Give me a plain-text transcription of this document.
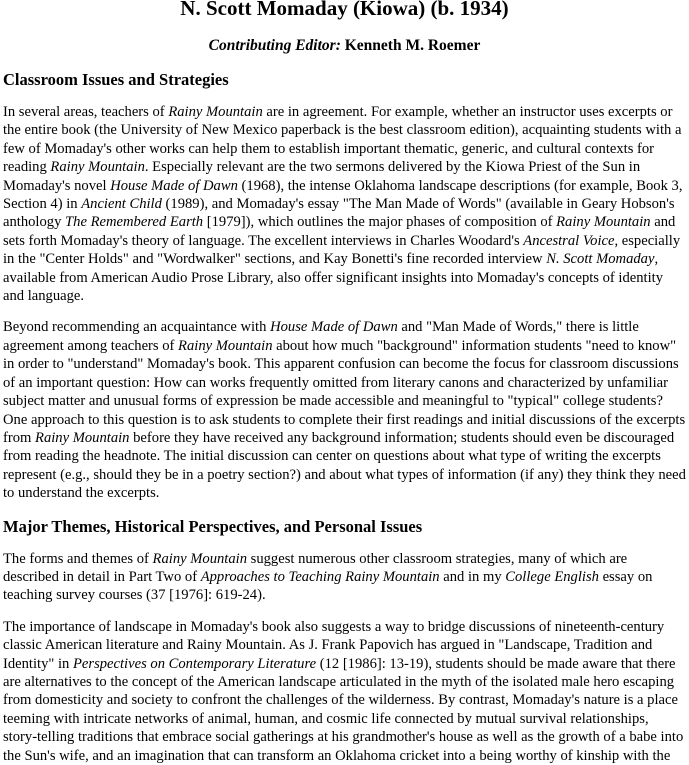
N. Scott Momaday (Kiowa) (b. 1934)
Contributing Editor: Kenneth M. Roemer
Classroom Issues and Strategies

In several areas, teachers of Rainy Mountain are in agreement. For example, whether an instructor uses excerpts or the entire book (the University of New Mexico paperback is the best classroom edition), acquainting students with a few of Momaday's other works can help them to establish important thematic, generic, and cultural contexts for reading Rainy Mountain. Especially relevant are the two sermons delivered by the Kiowa Priest of the Sun in Momaday's novel House Made of Dawn (1968), the intense Oklahoma landscape descriptions (for example, Book 3, Section 4) in Ancient Child (1989), and Momaday's essay "The Man Made of Words" (available in Geary Hobson's anthology The Remembered Earth [1979]), which outlines the major phases of composition of Rainy Mountain and sets forth Momaday's theory of language. The excellent interviews in Charles Woodard's Ancestral Voice, especially in the "Center Holds" and "Wordwalker" sections, and Kay Bonetti's fine recorded interview N. Scott Momaday, available from American Audio Prose Library, also offer significant insights into Momaday's concepts of identity and language.

Beyond recommending an acquaintance with House Made of Dawn and "Man Made of Words," there is little agreement among teachers of Rainy Mountain about how much "background" information students "need to know" in order to "understand" Momaday's book. This apparent confusion can become the focus for classroom discussions of an important question: How can works frequently omitted from literary canons and characterized by unfamiliar subject matter and unusual forms of expression be made accessible and meaningful to "typical" college students? One approach to this question is to ask students to complete their first readings and initial discussions of the excerpts from Rainy Mountain before they have received any background information; students should even be discouraged from reading the headnote. The initial discussion can center on questions about what type of writing the excerpts represent (e.g., should they be in a poetry section?) and about what types of information (if any) they think they need to understand the excerpts.

Major Themes, Historical Perspectives, and Personal Issues

The forms and themes of Rainy Mountain suggest numerous other classroom strategies, many of which are described in detail in Part Two of Approaches to Teaching Rainy Mountain and in my College English essay on teaching survey courses (37 [1976]: 619-24).

The importance of landscape in Momaday's book also suggests a way to bridge discussions of nineteenth-century classic American literature and Rainy Mountain. As J. Frank Papovich has argued in "Landscape, Tradition and Identity" in Perspectives on Contemporary Literature (12 [1986]: 13-19), students should be made aware that there are alternatives to the concept of the American landscape articulated in the myth of the isolated male hero escaping from domesticity and society to confront the challenges of the wilderness. By contrast, Momaday's nature is a place teeming with intricate networks of animal, human, and cosmic life connected by mutual survival relationships, story-telling traditions that embrace social gatherings at his grandmother's house as well as the growth of a babe into the Sun's wife, and an imagination that can transform an Oklahoma cricket into a being worthy of kinship with the
